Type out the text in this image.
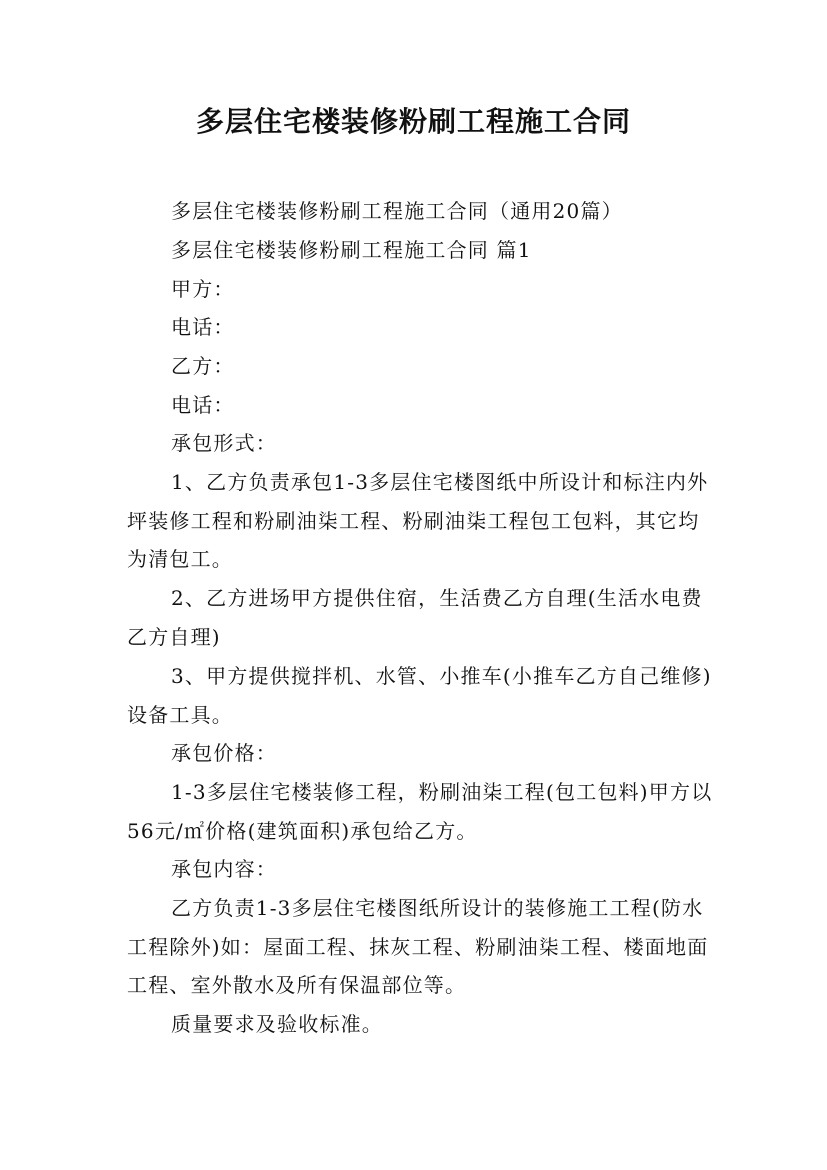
多层住宅楼装修粉刷工程施工合同
多层住宅楼装修粉刷工程施工合同（通用20篇）
多层住宅楼装修粉刷工程施工合同 篇1
甲方：
电话：
乙方：
电话：
承包形式：
1、乙方负责承包1-3多层住宅楼图纸中所设计和标注内外坪装修工程和粉刷油柒工程、粉刷油柒工程包工包料，其它均为清包工。
2、乙方进场甲方提供住宿，生活费乙方自理(生活水电费乙方自理)
3、甲方提供搅拌机、水管、小推车(小推车乙方自己维修)设备工具。
承包价格：
1-3多层住宅楼装修工程，粉刷油柒工程(包工包料)甲方以56元/㎡价格(建筑面积)承包给乙方。
承包内容：
乙方负责1-3多层住宅楼图纸所设计的装修施工工程(防水工程除外)如：屋面工程、抹灰工程、粉刷油柒工程、楼面地面工程、室外散水及所有保温部位等。
质量要求及验收标准。
